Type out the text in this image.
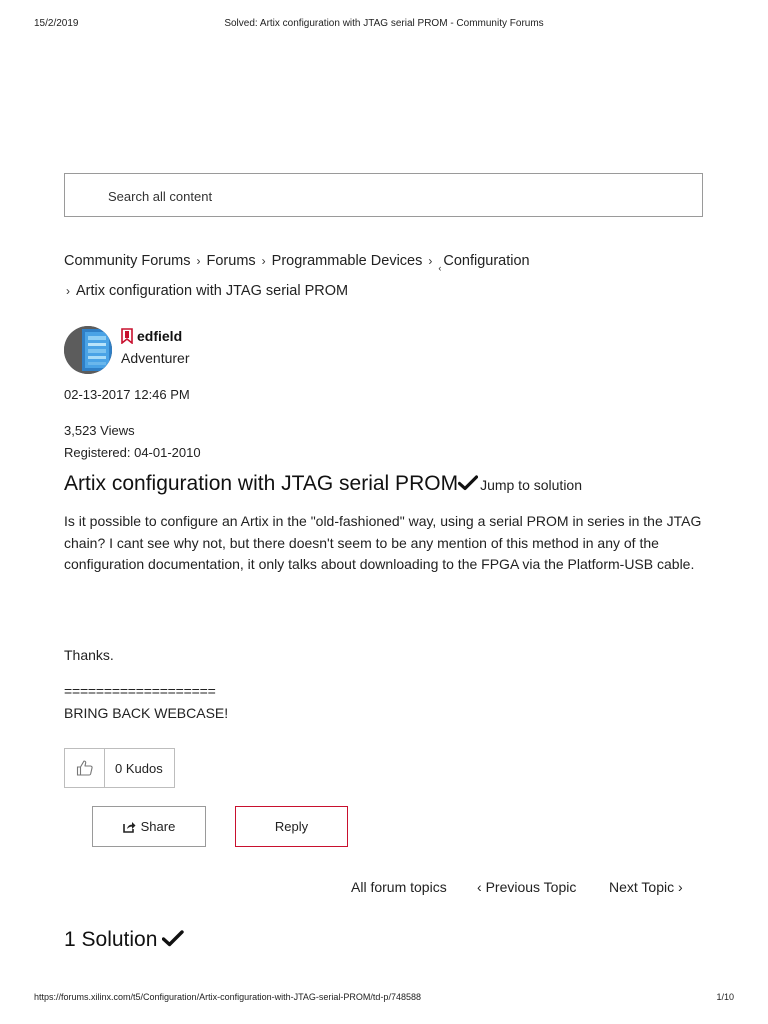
15/2/2019	Solved: Artix configuration with JTAG serial PROM - Community Forums
Search all content
Community Forums › Forums › Programmable Devices › ‹ Configuration
› Artix configuration with JTAG serial PROM
edfield
Adventurer
02-13-2017 12:46 PM
3,523 Views
Registered: 04-01-2010
Artix configuration with JTAG serial PROM Jump to solution

Is it possible to configure an Artix in the "old-fashioned" way, using a serial PROM in series in the JTAG chain? I cant see why not, but there doesn't seem to be any mention of this method in any of the configuration documentation, it only talks about downloading to the FPGA via the Platform-USB cable.

Thanks.
===================
BRING BACK WEBCASE!
0 Kudos
Share	Reply
All forum topics ‹ Previous Topic Next Topic ›
1 Solution
https://forums.xilinx.com/t5/Configuration/Artix-configuration-with-JTAG-serial-PROM/td-p/748588	1/10
